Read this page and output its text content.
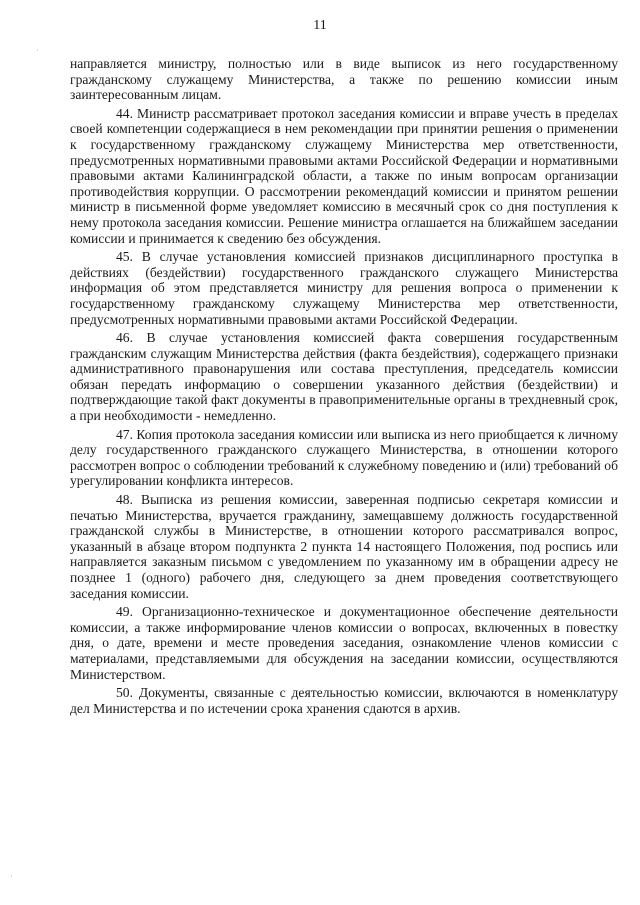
11
·
·

направляется министру, полностью или в виде выписок из него государственному гражданскому служащему Министерства, а также по решению комиссии иным заинтересованным лицам.

44. Министр рассматривает протокол заседания комиссии и вправе учесть в пределах своей компетенции содержащиеся в нем рекомендации при принятии решения о применении к государственному гражданскому служащему Министерства мер ответственности, предусмотренных нормативными правовыми актами Российской Федерации и нормативными правовыми актами Калининградской области, а также по иным вопросам организации противодействия коррупции. О рассмотрении рекомендаций комиссии и принятом решении министр в письменной форме уведомляет комиссию в месячный срок со дня поступления к нему протокола заседания комиссии. Решение министра оглашается на ближайшем заседании комиссии и принимается к сведению без обсуждения.

45. В случае установления комиссией признаков дисциплинарного проступка в действиях (бездействии) государственного гражданского служащего Министерства информация об этом представляется министру для решения вопроса о применении к государственному гражданскому служащему Министерства мер ответственности, предусмотренных нормативными правовыми актами Российской Федерации.

46. В случае установления комиссией факта совершения государственным гражданским служащим Министерства действия (факта бездействия), содержащего признаки административного правонарушения или состава преступления, председатель комиссии обязан передать информацию о совершении указанного действия (бездействии) и подтверждающие такой факт документы в правоприменительные органы в трехдневный срок, а при необходимости - немедленно.

47. Копия протокола заседания комиссии или выписка из него приобщается к личному делу государственного гражданского служащего Министерства, в отношении которого рассмотрен вопрос о соблюдении требований к служебному поведению и (или) требований об урегулировании конфликта интересов.

48. Выписка из решения комиссии, заверенная подписью секретаря комиссии и печатью Министерства, вручается гражданину, замещавшему должность государственной гражданской службы в Министерстве, в отношении которого рассматривался вопрос, указанный в абзаце втором подпункта 2 пункта 14 настоящего Положения, под роспись или направляется заказным письмом с уведомлением по указанному им в обращении адресу не позднее 1 (одного) рабочего дня, следующего за днем проведения соответствующего заседания комиссии.

49. Организационно-техническое и документационное обеспечение деятельности комиссии, а также информирование членов комиссии о вопросах, включенных в повестку дня, о дате, времени и месте проведения заседания, ознакомление членов комиссии с материалами, представляемыми для обсуждения на заседании комиссии, осуществляются Министерством.

50. Документы, связанные с деятельностью комиссии, включаются в номенклатуру дел Министерства и по истечении срока хранения сдаются в архив.
